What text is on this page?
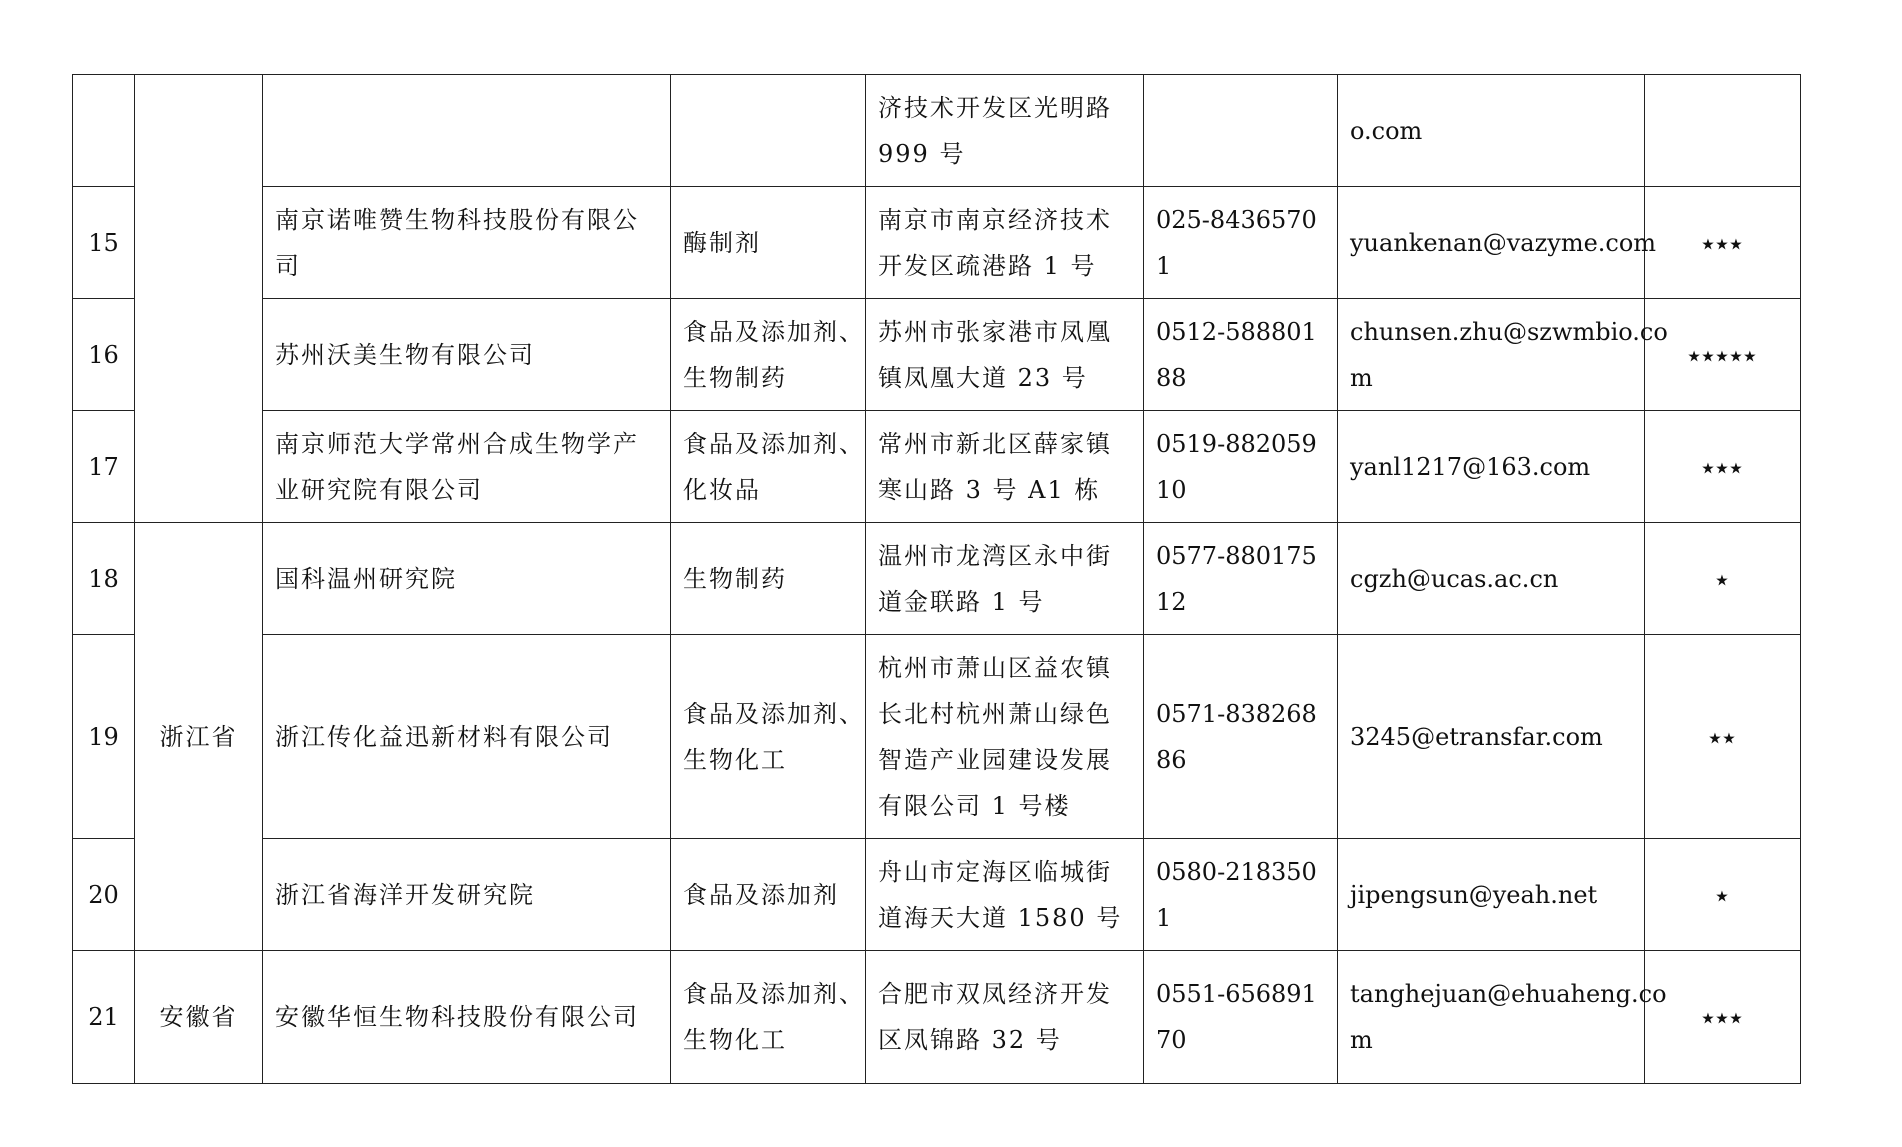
				济技术开发区光明路
999 号		o.com	

15		南京诺唯赞生物科技股份有限公
司	酶制剂	南京市南京经济技术
开发区疏港路 1 号	025-84365701	yuankenan@vazyme.com	⭑⭑⭑
16		苏州沃美生物有限公司	食品及添加剂、
生物制药	苏州市张家港市凤凰
镇凤凰大道 23 号	0512-58880188	chunsen.zhu@szwmbio.co
m	⭑⭑⭑⭑⭑
17		南京师范大学常州合成生物学产
业研究院有限公司	食品及添加剂、
化妆品	常州市新北区薛家镇
寒山路 3 号 A1 栋	0519-88205910	yanl1217@163.com	⭑⭑⭑
18	浙江省	国科温州研究院	生物制药	温州市龙湾区永中街
道金联路 1 号	0577-88017512	cgzh@ucas.ac.cn	⭑
19		浙江传化益迅新材料有限公司	食品及添加剂、
生物化工	杭州市萧山区益农镇
长北村杭州萧山绿色
智造产业园建设发展
有限公司 1 号楼	0571-83826886	3245@etransfar.com	⭑⭑
20		浙江省海洋开发研究院	食品及添加剂	舟山市定海区临城街
道海天大道 1580 号	0580-2183501	jipengsun@yeah.net	⭑
21	安徽省	安徽华恒生物科技股份有限公司	食品及添加剂、
生物化工	合肥市双凤经济开发
区凤锦路 32 号	0551-65689170	tanghejuan@ehuaheng.co
m	⭑⭑⭑
